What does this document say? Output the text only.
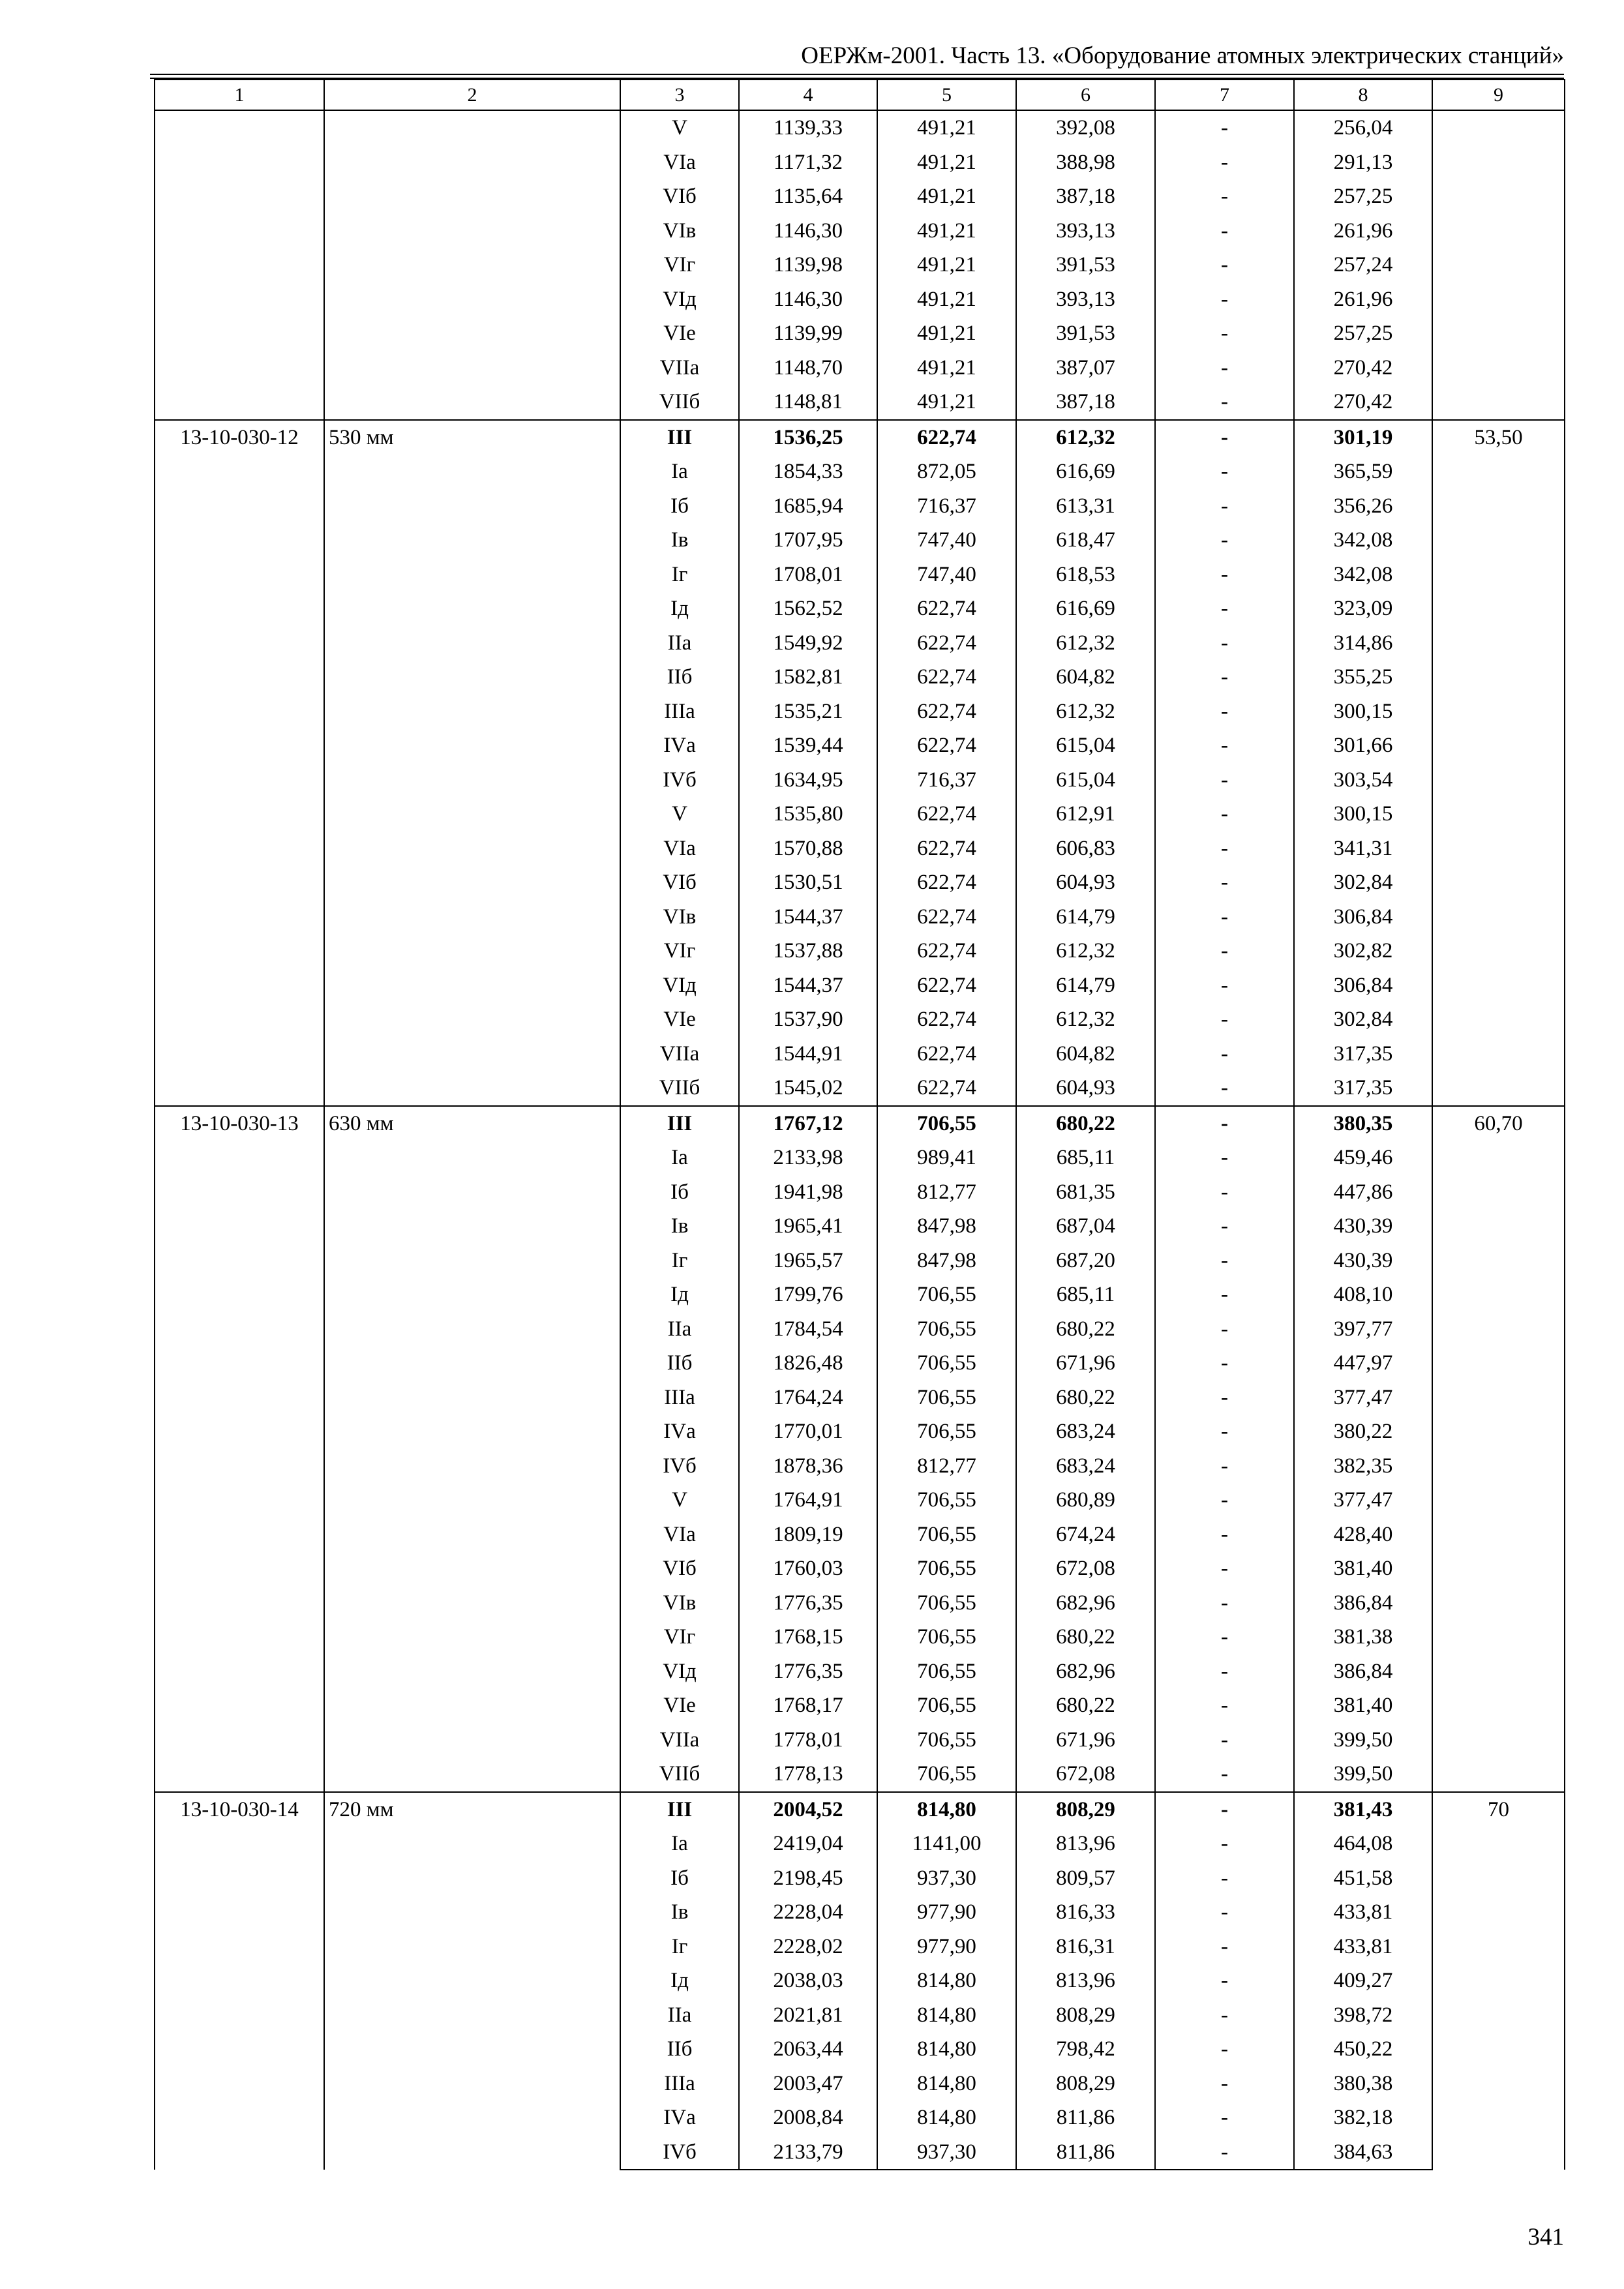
ОЕРЖм-2001. Часть 13. «Оборудование атомных электрических станций»
1	2	3	4	5	6	7	8	9
		V	1139,33	491,21	392,08	-	256,04	
		VIа	1171,32	491,21	388,98	-	291,13	
		VIб	1135,64	491,21	387,18	-	257,25	
		VIв	1146,30	491,21	393,13	-	261,96	
		VIг	1139,98	491,21	391,53	-	257,24	
		VIд	1146,30	491,21	393,13	-	261,96	
		VIе	1139,99	491,21	391,53	-	257,25	
		VIIа	1148,70	491,21	387,07	-	270,42	
		VIIб	1148,81	491,21	387,18	-	270,42	
13-10-030-12	530 мм	III	1536,25	622,74	612,32	-	301,19	53,50
		Iа	1854,33	872,05	616,69	-	365,59	
		Iб	1685,94	716,37	613,31	-	356,26	
		Iв	1707,95	747,40	618,47	-	342,08	
		Iг	1708,01	747,40	618,53	-	342,08	
		Iд	1562,52	622,74	616,69	-	323,09	
		IIа	1549,92	622,74	612,32	-	314,86	
		IIб	1582,81	622,74	604,82	-	355,25	
		IIIа	1535,21	622,74	612,32	-	300,15	
		IVа	1539,44	622,74	615,04	-	301,66	
		IVб	1634,95	716,37	615,04	-	303,54	
		V	1535,80	622,74	612,91	-	300,15	
		VIа	1570,88	622,74	606,83	-	341,31	
		VIб	1530,51	622,74	604,93	-	302,84	
		VIв	1544,37	622,74	614,79	-	306,84	
		VIг	1537,88	622,74	612,32	-	302,82	
		VIд	1544,37	622,74	614,79	-	306,84	
		VIе	1537,90	622,74	612,32	-	302,84	
		VIIа	1544,91	622,74	604,82	-	317,35	
		VIIб	1545,02	622,74	604,93	-	317,35	
13-10-030-13	630 мм	III	1767,12	706,55	680,22	-	380,35	60,70
		Iа	2133,98	989,41	685,11	-	459,46	
		Iб	1941,98	812,77	681,35	-	447,86	
		Iв	1965,41	847,98	687,04	-	430,39	
		Iг	1965,57	847,98	687,20	-	430,39	
		Iд	1799,76	706,55	685,11	-	408,10	
		IIа	1784,54	706,55	680,22	-	397,77	
		IIб	1826,48	706,55	671,96	-	447,97	
		IIIа	1764,24	706,55	680,22	-	377,47	
		IVа	1770,01	706,55	683,24	-	380,22	
		IVб	1878,36	812,77	683,24	-	382,35	
		V	1764,91	706,55	680,89	-	377,47	
		VIа	1809,19	706,55	674,24	-	428,40	
		VIб	1760,03	706,55	672,08	-	381,40	
		VIв	1776,35	706,55	682,96	-	386,84	
		VIг	1768,15	706,55	680,22	-	381,38	
		VIд	1776,35	706,55	682,96	-	386,84	
		VIе	1768,17	706,55	680,22	-	381,40	
		VIIа	1778,01	706,55	671,96	-	399,50	
		VIIб	1778,13	706,55	672,08	-	399,50	
13-10-030-14	720 мм	III	2004,52	814,80	808,29	-	381,43	70
		Iа	2419,04	1141,00	813,96	-	464,08	
		Iб	2198,45	937,30	809,57	-	451,58	
		Iв	2228,04	977,90	816,33	-	433,81	
		Iг	2228,02	977,90	816,31	-	433,81	
		Iд	2038,03	814,80	813,96	-	409,27	
		IIа	2021,81	814,80	808,29	-	398,72	
		IIб	2063,44	814,80	798,42	-	450,22	
		IIIа	2003,47	814,80	808,29	-	380,38	
		IVа	2008,84	814,80	811,86	-	382,18	
		IVб	2133,79	937,30	811,86	-	384,63	
341
